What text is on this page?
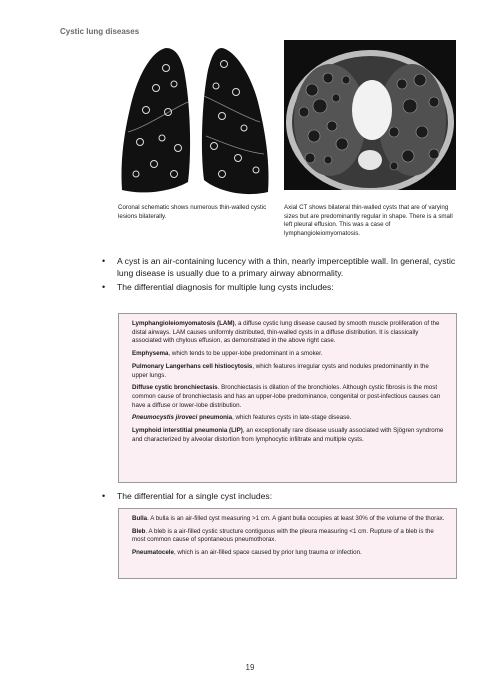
Cystic lung diseases
Coronal schematic shows numerous thin-walled cystic lesions bilaterally.
Axial CT shows bilateral thin-walled cysts that are of varying sizes but are predominantly regular in shape. There is a small left pleural effusion. This was a case of lymphangioleiomyomatosis.
• A cyst is an air-containing lucency with a thin, nearly imperceptible wall. In general, cystic lung disease is usually due to a primary airway abnormality.
• The differential diagnosis for multiple lung cysts includes:

Lymphangioleiomyomatosis (LAM), a diffuse cystic lung disease caused by smooth muscle proliferation of the distal airways. LAM causes uniformly distributed, thin-walled cysts in a diffuse distribution. It is classically associated with chylous effusion, as demonstrated in the above right case.

Emphysema, which tends to be upper-lobe predominant in a smoker.

Pulmonary Langerhans cell histiocytosis, which features irregular cysts and nodules predominantly in the upper lungs.

Diffuse cystic bronchiectasis. Bronchiectasis is dilation of the bronchioles. Although cystic fibrosis is the most common cause of bronchiectasis and has an upper-lobe predominance, congenital or post-infectious causes can have a diffuse or lower-lobe distribution.

Pneumocystis jiroveci pneumonia, which features cysts in late-stage disease.

Lymphoid interstitial pneumonia (LIP), an exceptionally rare disease usually associated with Sjögren syndrome and characterized by alveolar distortion from lymphocytic infiltrate and multiple cysts.

• The differential for a single cyst includes:

Bulla. A bulla is an air-filled cyst measuring >1 cm. A giant bulla occupies at least 30% of the volume of the thorax.

Bleb. A bleb is a air-filled cystic structure contiguous with the pleura measuring <1 cm. Rupture of a bleb is the most common cause of spontaneous pneumothorax.

Pneumatocele, which is an air-filled space caused by prior lung trauma or infection.

19
